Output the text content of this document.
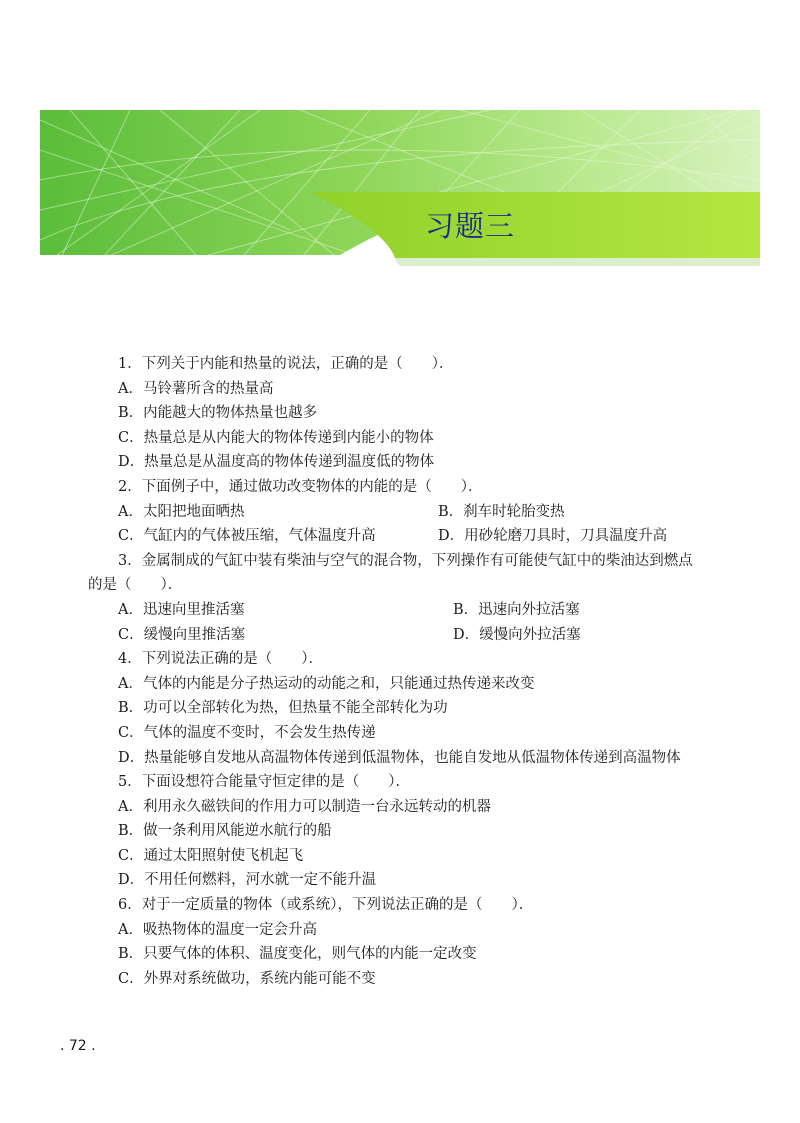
习题三
1．下列关于内能和热量的说法，正确的是（　　）．
A．马铃薯所含的热量高
B．内能越大的物体热量也越多
C．热量总是从内能大的物体传递到内能小的物体
D．热量总是从温度高的物体传递到温度低的物体
2．下面例子中，通过做功改变物体的内能的是（　　）．
A．太阳把地面晒热	B．刹车时轮胎变热
C．气缸内的气体被压缩，气体温度升高	D．用砂轮磨刀具时，刀具温度升高
3．金属制成的气缸中装有柴油与空气的混合物，下列操作有可能使气缸中的柴油达到燃点的是（　　）．
A．迅速向里推活塞	B．迅速向外拉活塞
C．缓慢向里推活塞	D．缓慢向外拉活塞
4．下列说法正确的是（　　）．
A．气体的内能是分子热运动的动能之和，只能通过热传递来改变
B．功可以全部转化为热，但热量不能全部转化为功
C．气体的温度不变时，不会发生热传递
D．热量能够自发地从高温物体传递到低温物体，也能自发地从低温物体传递到高温物体
5．下面设想符合能量守恒定律的是（　　）．
A．利用永久磁铁间的作用力可以制造一台永远转动的机器
B．做一条利用风能逆水航行的船
C．通过太阳照射使飞机起飞
D．不用任何燃料，河水就一定不能升温
6．对于一定质量的物体（或系统），下列说法正确的是（　　）．
A．吸热物体的温度一定会升高
B．只要气体的体积、温度变化，则气体的内能一定改变
C．外界对系统做功，系统内能可能不变
. 72 .
